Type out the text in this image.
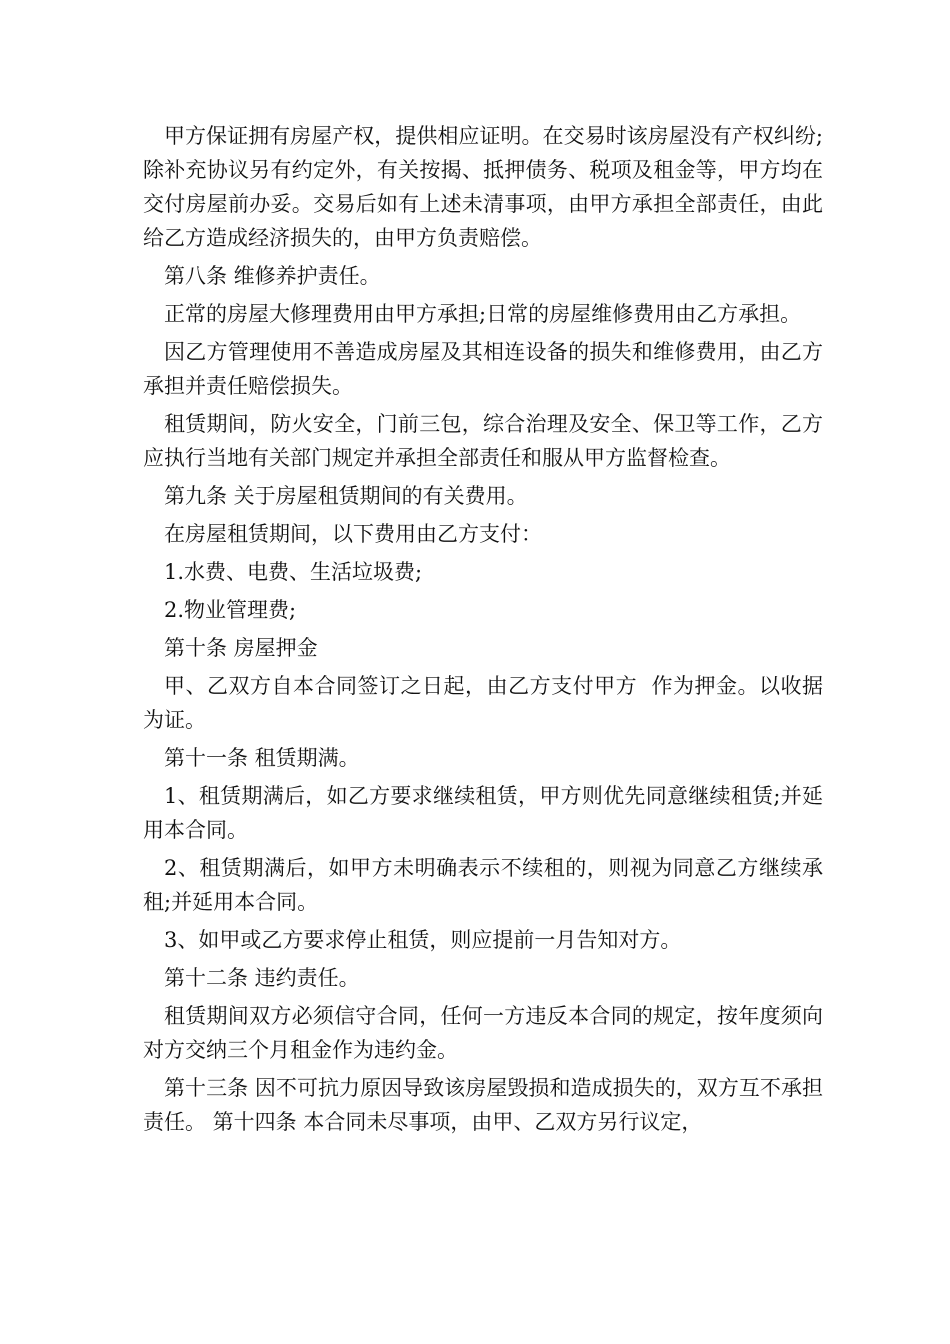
甲方保证拥有房屋产权，提供相应证明。在交易时该房屋没有产权纠纷;除补充协议另有约定外，有关按揭、抵押债务、税项及租金等，甲方均在交付房屋前办妥。交易后如有上述未清事项，由甲方承担全部责任，由此给乙方造成经济损失的，由甲方负责赔偿。

第八条 维修养护责任。

正常的房屋大修理费用由甲方承担;日常的房屋维修费用由乙方承担。

因乙方管理使用不善造成房屋及其相连设备的损失和维修费用，由乙方承担并责任赔偿损失。

租赁期间，防火安全，门前三包，综合治理及安全、保卫等工作，乙方应执行当地有关部门规定并承担全部责任和服从甲方监督检查。

第九条 关于房屋租赁期间的有关费用。

在房屋租赁期间，以下费用由乙方支付：

1.水费、电费、生活垃圾费;

2.物业管理费;

第十条 房屋押金

甲、乙双方自本合同签订之日起，由乙方支付甲方  作为押金。以收据为证。

第十一条 租赁期满。

1、租赁期满后，如乙方要求继续租赁，甲方则优先同意继续租赁;并延用本合同。

2、租赁期满后，如甲方未明确表示不续租的，则视为同意乙方继续承租;并延用本合同。

3、如甲或乙方要求停止租赁，则应提前一月告知对方。

第十二条 违约责任。

租赁期间双方必须信守合同，任何一方违反本合同的规定，按年度须向对方交纳三个月租金作为违约金。

第十三条 因不可抗力原因导致该房屋毁损和造成损失的，双方互不承担责任。 第十四条 本合同未尽事项，由甲、乙双方另行议定，
